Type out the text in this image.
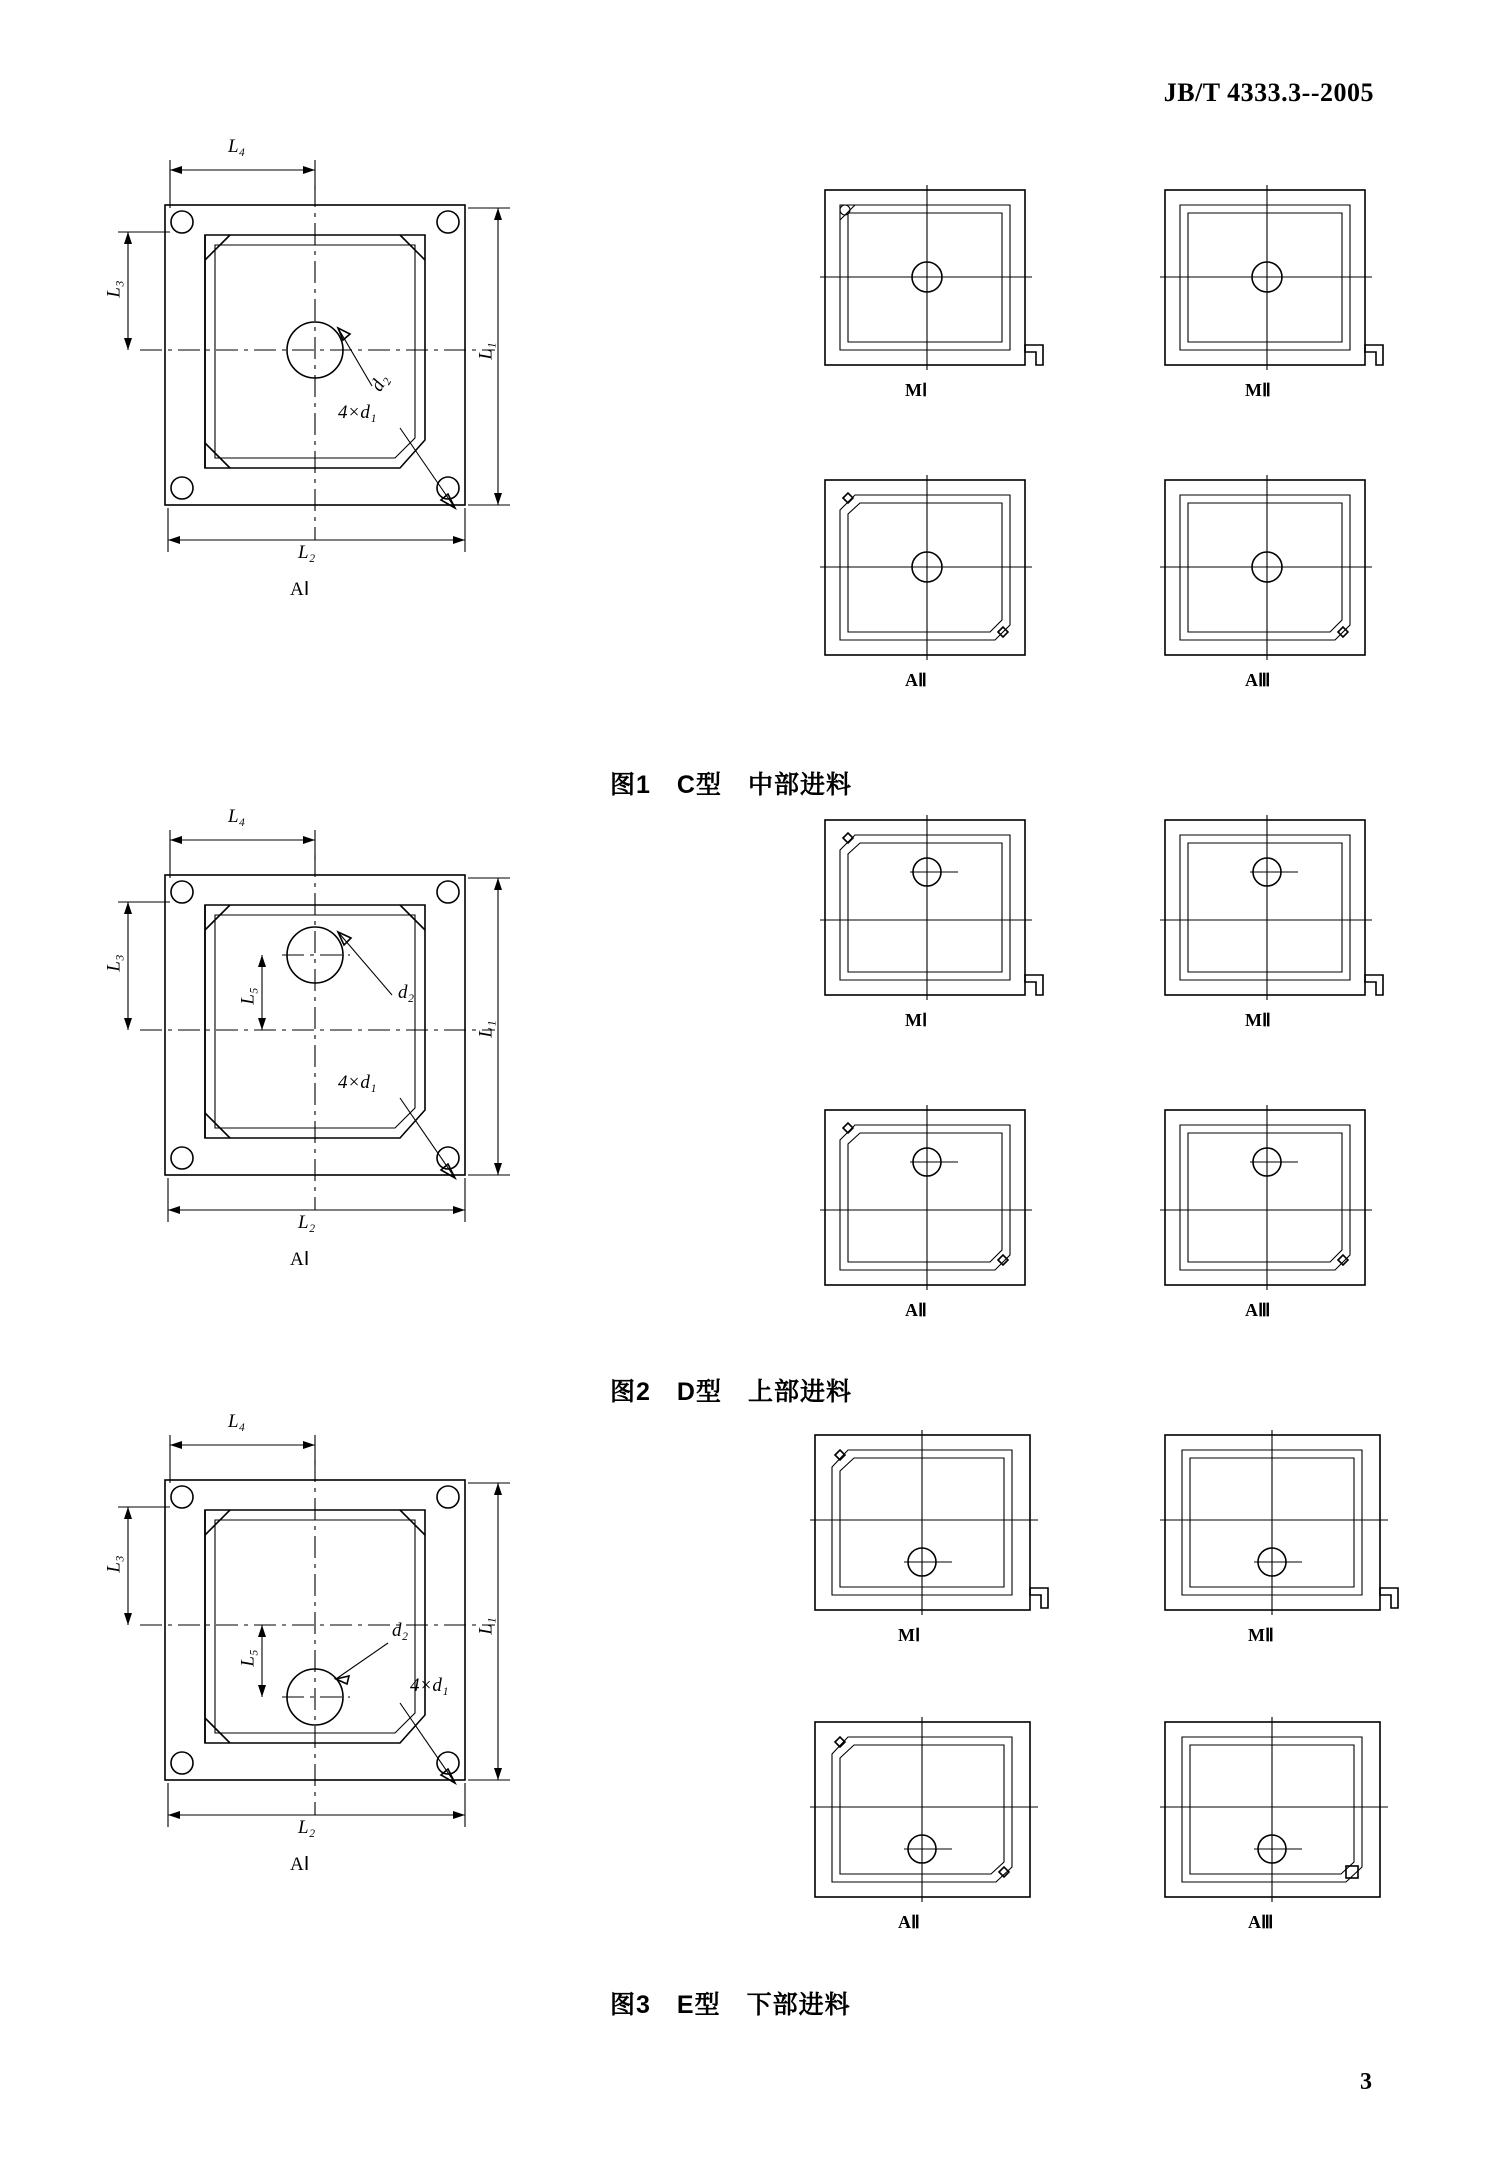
JB/T 4333.3--2005
L₄
L₃
L₁
L₂
d₂
4×d₁
AⅠ
MⅠ	MⅡ
AⅡ	AⅢ
图1　C型　中部进料
L₄
L₃
L₅
L₁
L₂
d₂
4×d₁
AⅠ
MⅠ	MⅡ
AⅡ	AⅢ
图2　D型　上部进料
L₄
L₃
L₅
L₁
L₂
d₂
4×d₁
AⅠ
MⅠ	MⅡ
AⅡ	AⅢ
图3　E型　下部进料
3
